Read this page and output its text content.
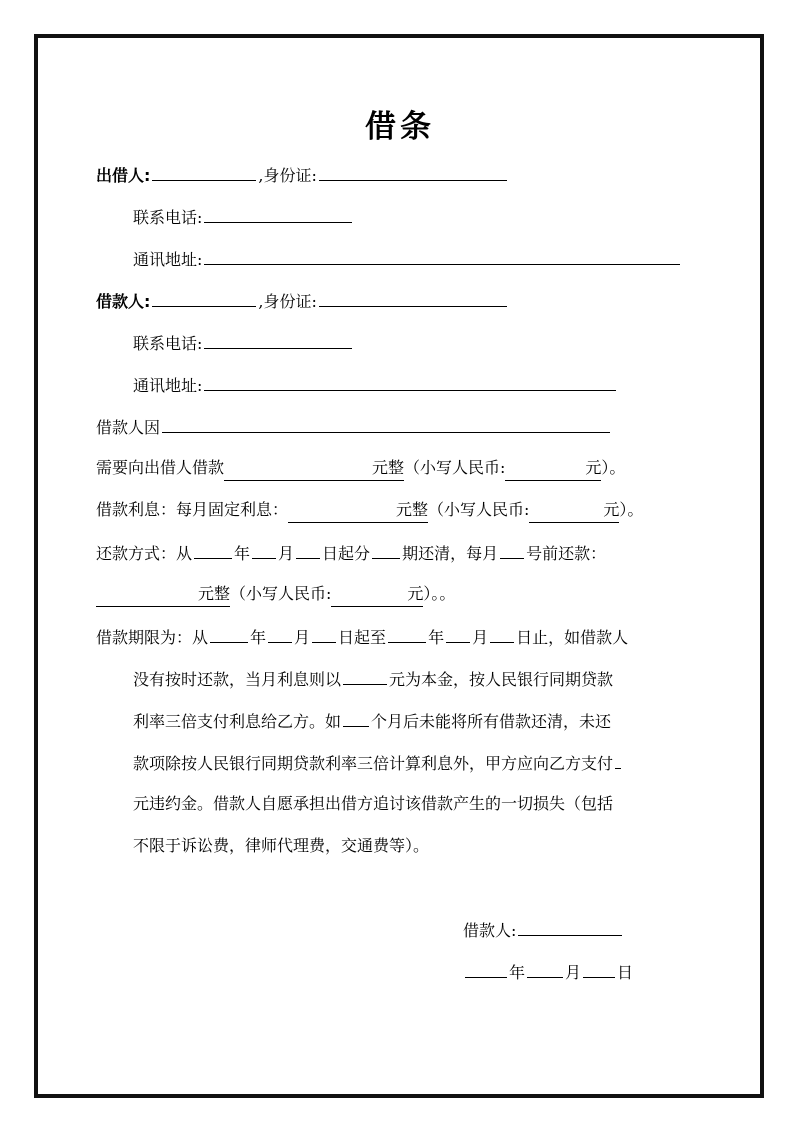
借条
出借人:	,身份证:
联系电话:
通讯地址:
借款人:	,身份证:
联系电话:
通讯地址:
借款人因
需要向出借人借款	元整（小写人民币:	元）。
借款利息：每月固定利息：	元整（小写人民币:	元）。
还款方式：从	年 月 日起分 期还清，每月 号前还款：
元整（小写人民币:	元）。。
借款期限为：从	年 月 日起至	年 月 日止，如借款人
没有按时还款，当月利息则以	元为本金，按人民银行同期贷款
利率三倍支付利息给乙方。如 个月后未能将所有借款还清，未还
款项除按人民银行同期贷款利率三倍计算利息外，甲方应向乙方支付
元违约金。借款人自愿承担出借方追讨该借款产生的一切损失（包括
不限于诉讼费，律师代理费，交通费等）。
借款人:
年	月 日
